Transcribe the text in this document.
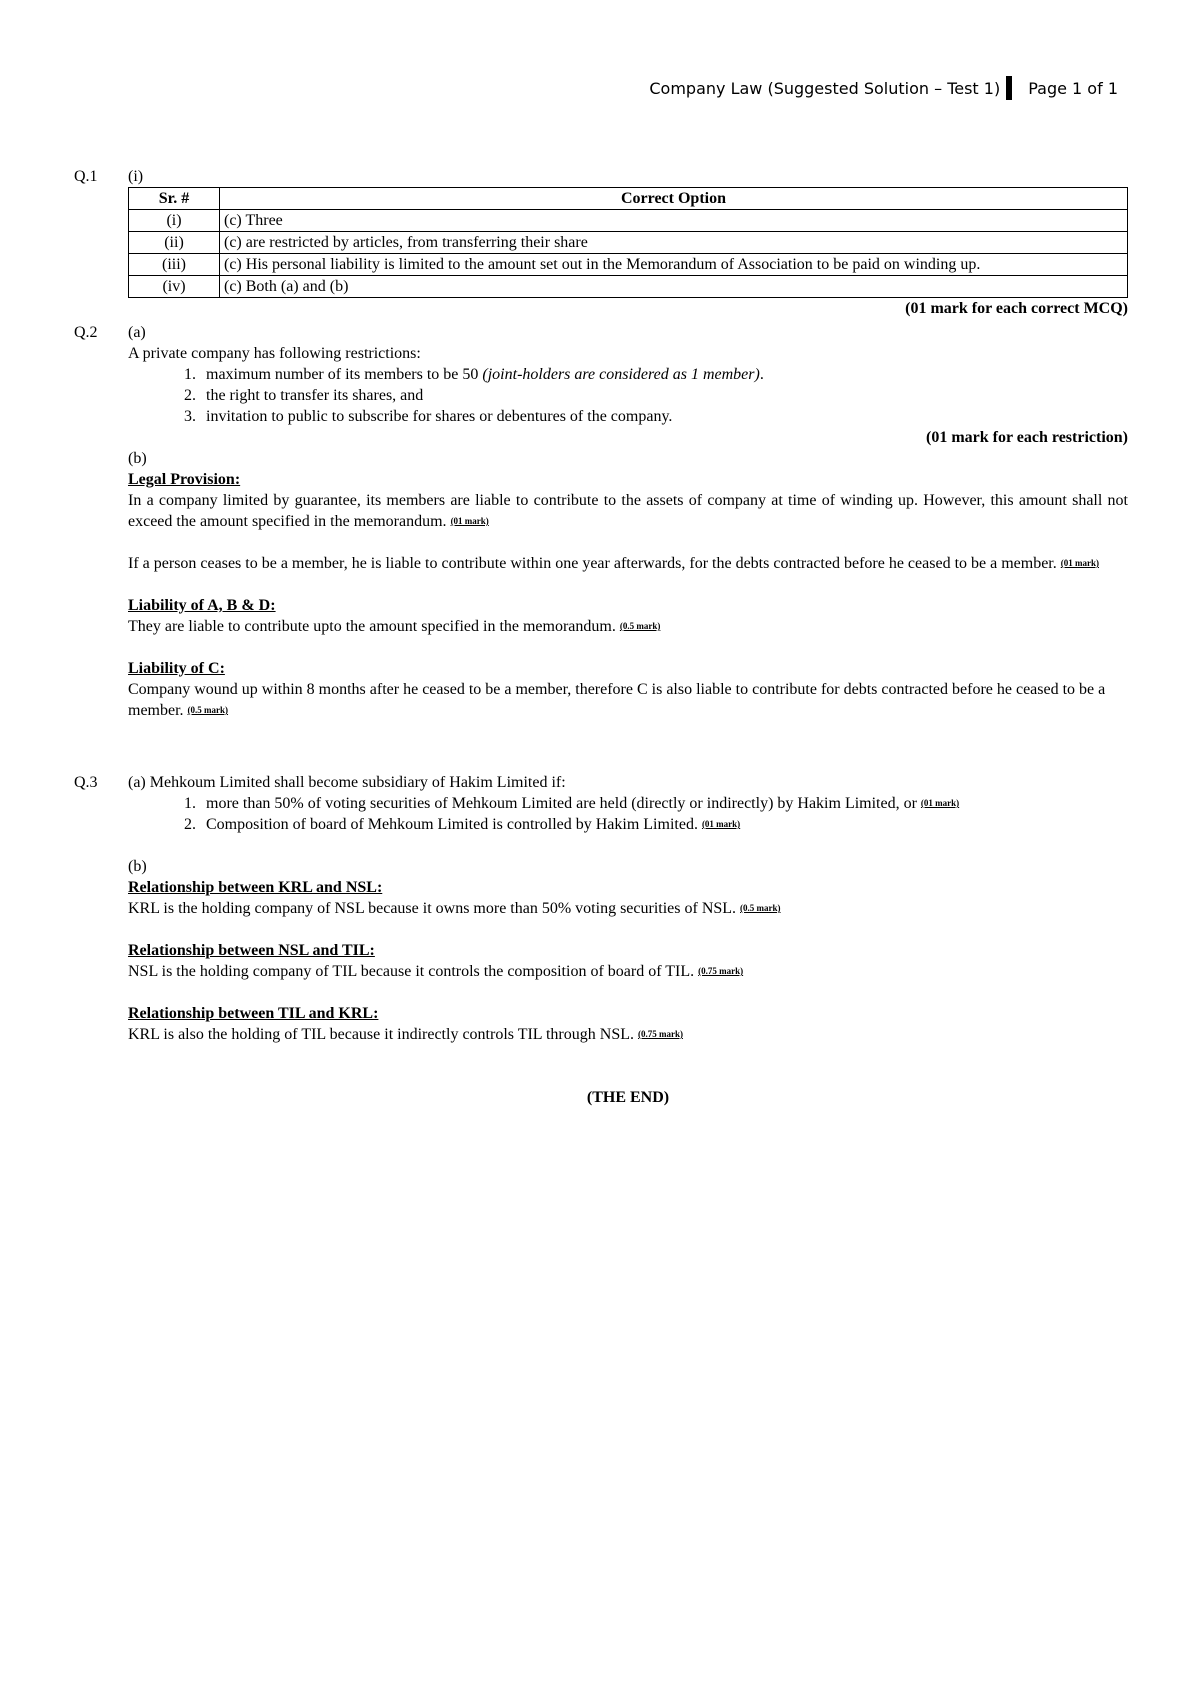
Company Law (Suggested Solution – Test 1) Page 1 of 1
Q.1 (i)
Sr. #	Correct Option
(i)	(c) Three
(ii)	(c) are restricted by articles, from transferring their share
(iii)	(c) His personal liability is limited to the amount set out in the Memorandum of Association to be paid on winding up.
(iv)	(c) Both (a) and (b)
(01 mark for each correct MCQ)
Q.2 (a)
A private company has following restrictions:
1. maximum number of its members to be 50 (joint-holders are considered as 1 member).
2. the right to transfer its shares, and
3. invitation to public to subscribe for shares or debentures of the company.
(01 mark for each restriction)
(b)
Legal Provision:
In a company limited by guarantee, its members are liable to contribute to the assets of company at time of winding up. However, this amount shall not exceed the amount specified in the memorandum. (01 mark)
If a person ceases to be a member, he is liable to contribute within one year afterwards, for the debts contracted before he ceased to be a member. (01 mark)
Liability of A, B & D:
They are liable to contribute upto the amount specified in the memorandum. (0.5 mark)
Liability of C:
Company wound up within 8 months after he ceased to be a member, therefore C is also liable to contribute for debts contracted before he ceased to be a member. (0.5 mark)
Q.3 (a) Mehkoum Limited shall become subsidiary of Hakim Limited if:
1. more than 50% of voting securities of Mehkoum Limited are held (directly or indirectly) by Hakim Limited, or (01 mark)
2. Composition of board of Mehkoum Limited is controlled by Hakim Limited. (01 mark)
(b)
Relationship between KRL and NSL:
KRL is the holding company of NSL because it owns more than 50% voting securities of NSL. (0.5 mark)
Relationship between NSL and TIL:
NSL is the holding company of TIL because it controls the composition of board of TIL. (0.75 mark)
Relationship between TIL and KRL:
KRL is also the holding of TIL because it indirectly controls TIL through NSL. (0.75 mark)
(THE END)
